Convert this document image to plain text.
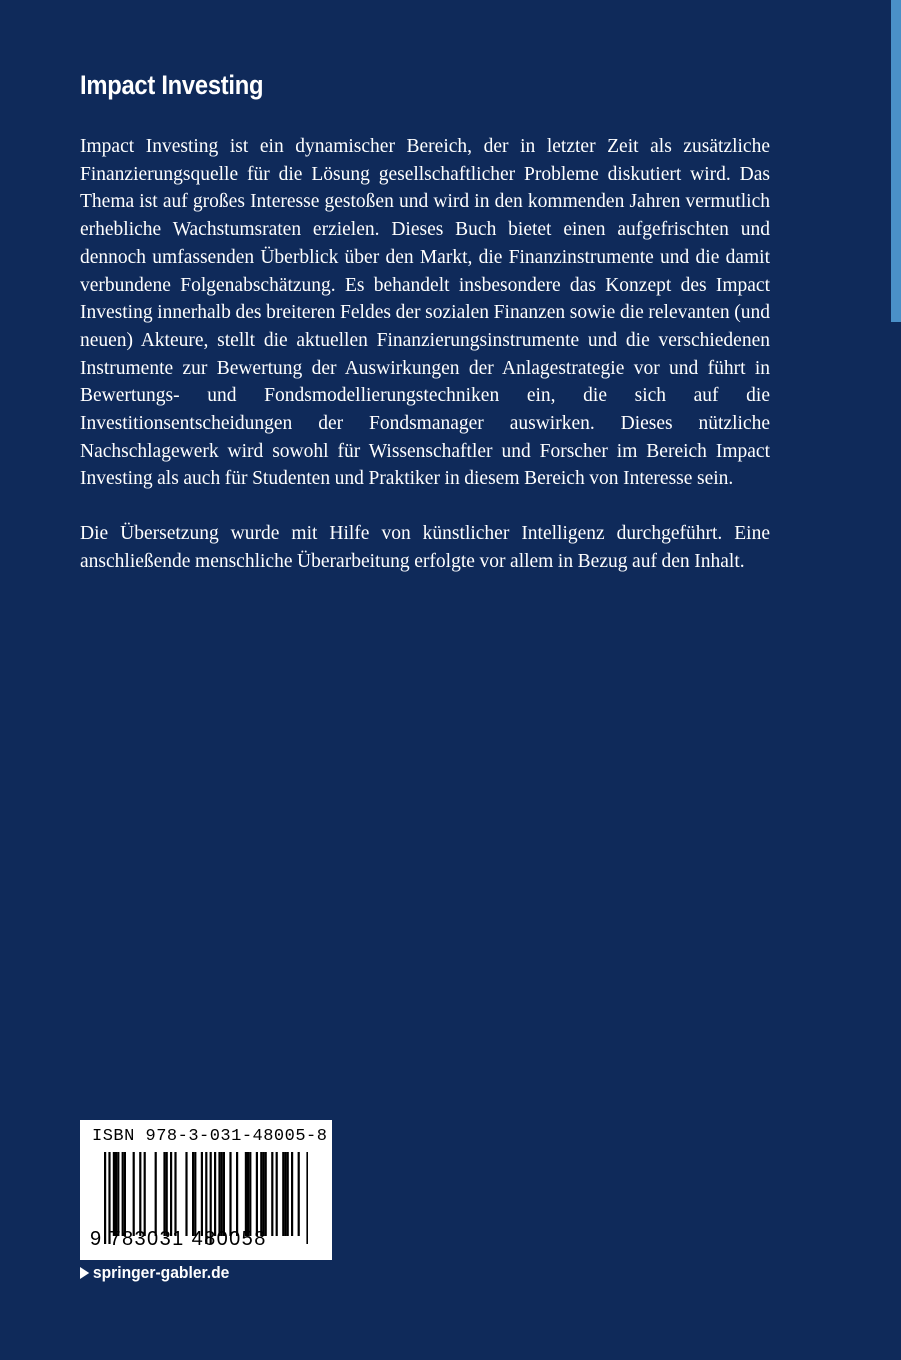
Impact Investing

Impact Investing ist ein dynamischer Bereich, der in letzter Zeit als zusätzliche Finanzierungsquelle für die Lösung gesellschaftlicher Probleme diskutiert wird. Das Thema ist auf großes Interesse gestoßen und wird in den kommenden Jahren vermutlich erhebliche Wachstumsraten erzielen. Dieses Buch bietet einen aufgefrischten und dennoch umfassenden Überblick über den Markt, die Finanzinstrumente und die damit verbundene Folgenabschätzung. Es behandelt insbesondere das Konzept des Impact Investing innerhalb des breiteren Feldes der sozialen Finanzen sowie die relevanten (und neuen) Akteure, stellt die aktuellen Finanzierungsinstrumente und die verschiedenen Instrumente zur Bewertung der Auswirkungen der Anlagestrategie vor und führt in Bewertungs- und Fondsmodellierungstechniken ein, die sich auf die Investitionsentscheidungen der Fondsmanager auswirken. Dieses nützliche Nachschlagewerk wird sowohl für Wissenschaftler und Forscher im Bereich Impact Investing als auch für Studenten und Praktiker in diesem Bereich von Interesse sein.

Die Übersetzung wurde mit Hilfe von künstlicher Intelligenz durchgeführt. Eine anschließende menschliche Überarbeitung erfolgte vor allem in Bezug auf den Inhalt.

ISBN 978-3-031-48005-8
9 783031 480058
springer-gabler.de
